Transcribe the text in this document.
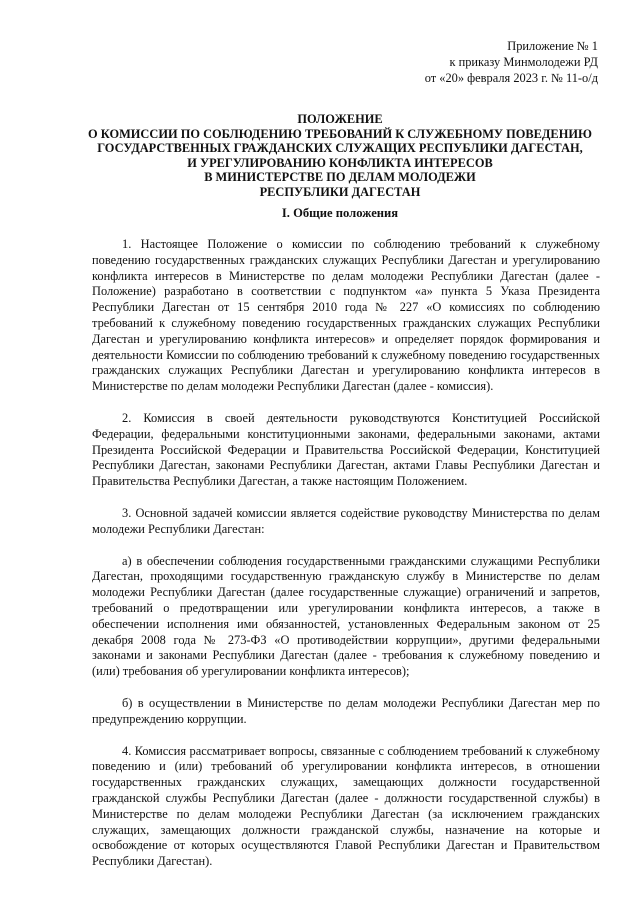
Приложение № 1
к приказу Минмолодежи РД
от «20» февраля 2023 г. № 11-о/д
ПОЛОЖЕНИЕ
О КОМИССИИ ПО СОБЛЮДЕНИЮ ТРЕБОВАНИЙ К СЛУЖЕБНОМУ ПОВЕДЕНИЮ
ГОСУДАРСТВЕННЫХ ГРАЖДАНСКИХ СЛУЖАЩИХ РЕСПУБЛИКИ ДАГЕСТАН,
И УРЕГУЛИРОВАНИЮ КОНФЛИКТА ИНТЕРЕСОВ
В МИНИСТЕРСТВЕ ПО ДЕЛАМ МОЛОДЕЖИ
РЕСПУБЛИКИ ДАГЕСТАН
I. Общие положения

1. Настоящее Положение о комиссии по соблюдению требований к служебному поведению государственных гражданских служащих Республики Дагестан и урегулированию конфликта интересов в Министерстве по делам молодежи Республики Дагестан (далее - Положение) разработано в соответствии с подпунктом «а» пункта 5 Указа Президента Республики Дагестан от 15 сентября 2010 года № 227 «О комиссиях по соблюдению требований к служебному поведению государственных гражданских служащих Республики Дагестан и урегулированию конфликта интересов» и определяет порядок формирования и деятельности Комиссии по соблюдению требований к служебному поведению государственных гражданских служащих Республики Дагестан и урегулированию конфликта интересов в Министерстве по делам молодежи Республики Дагестан (далее - комиссия).

2. Комиссия в своей деятельности руководствуются Конституцией Российской Федерации, федеральными конституционными законами, федеральными законами, актами Президента Российской Федерации и Правительства Российской Федерации, Конституцией Республики Дагестан, законами Республики Дагестан, актами Главы Республики Дагестан и Правительства Республики Дагестан, а также настоящим Положением.

3. Основной задачей комиссии является содействие руководству Министерства по делам молодежи Республики Дагестан:

а) в обеспечении соблюдения государственными гражданскими служащими Республики Дагестан, проходящими государственную гражданскую службу в Министерстве по делам молодежи Республики Дагестан (далее государственные служащие) ограничений и запретов, требований о предотвращении или урегулировании конфликта интересов, а также в обеспечении исполнения ими обязанностей, установленных Федеральным законом от 25 декабря 2008 года № 273-ФЗ «О противодействии коррупции», другими федеральными законами и законами Республики Дагестан (далее - требования к служебному поведению и (или) требования об урегулировании конфликта интересов);

б) в осуществлении в Министерстве по делам молодежи Республики Дагестан мер по предупреждению коррупции.

4. Комиссия рассматривает вопросы, связанные с соблюдением требований к служебному поведению и (или) требований об урегулировании конфликта интересов, в отношении государственных гражданских служащих, замещающих должности государственной гражданской службы Республики Дагестан (далее - должности государственной службы) в Министерстве по делам молодежи Республики Дагестан (за исключением гражданских служащих, замещающих должности гражданской службы, назначение на которые и освобождение от которых осуществляются Главой Республики Дагестан и Правительством Республики Дагестан).
